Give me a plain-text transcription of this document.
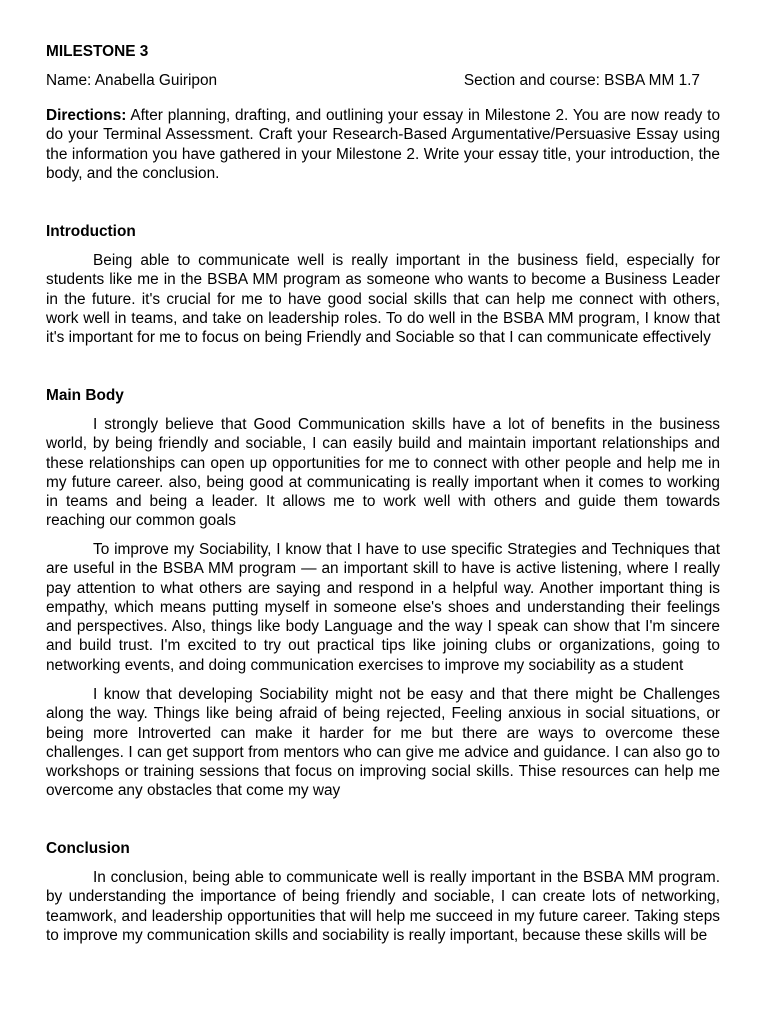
MILESTONE 3
Name: Anabella Guiripon	Section and course: BSBA MM 1.7

Directions: After planning, drafting, and outlining your essay in Milestone 2. You are now ready to do your Terminal Assessment. Craft your Research-Based Argumentative/Persuasive Essay using the information you have gathered in your Milestone 2. Write your essay title, your introduction, the body, and the conclusion.

Introduction

Being able to communicate well is really important in the business field, especially for students like me in the BSBA MM program as someone who wants to become a Business Leader in the future. it's crucial for me to have good social skills that can help me connect with others, work well in teams, and take on leadership roles. To do well in the BSBA MM program, I know that it's important for me to focus on being Friendly and Sociable so that I can communicate effectively

Main Body

I strongly believe that Good Communication skills have a lot of benefits in the business world, by being friendly and sociable, I can easily build and maintain important relationships and these relationships can open up opportunities for me to connect with other people and help me in my future career. also, being good at communicating is really important when it comes to working in teams and being a leader. It allows me to work well with others and guide them towards reaching our common goals

To improve my Sociability, I know that I have to use specific Strategies and Techniques that are useful in the BSBA MM program — an important skill to have is active listening, where I really pay attention to what others are saying and respond in a helpful way. Another important thing is empathy, which means putting myself in someone else's shoes and understanding their feelings and perspectives. Also, things like body Language and the way I speak can show that I'm sincere and build trust. I'm excited to try out practical tips like joining clubs or organizations, going to networking events, and doing communication exercises to improve my sociability as a student

I know that developing Sociability might not be easy and that there might be Challenges along the way. Things like being afraid of being rejected, Feeling anxious in social situations, or being more Introverted can make it harder for me but there are ways to overcome these challenges. I can get support from mentors who can give me advice and guidance. I can also go to workshops or training sessions that focus on improving social skills. Thise resources can help me overcome any obstacles that come my way

Conclusion

In conclusion, being able to communicate well is really important in the BSBA MM program. by understanding the importance of being friendly and sociable, I can create lots of networking, teamwork, and leadership opportunities that will help me succeed in my future career. Taking steps to improve my communication skills and sociability is really important, because these skills will be
